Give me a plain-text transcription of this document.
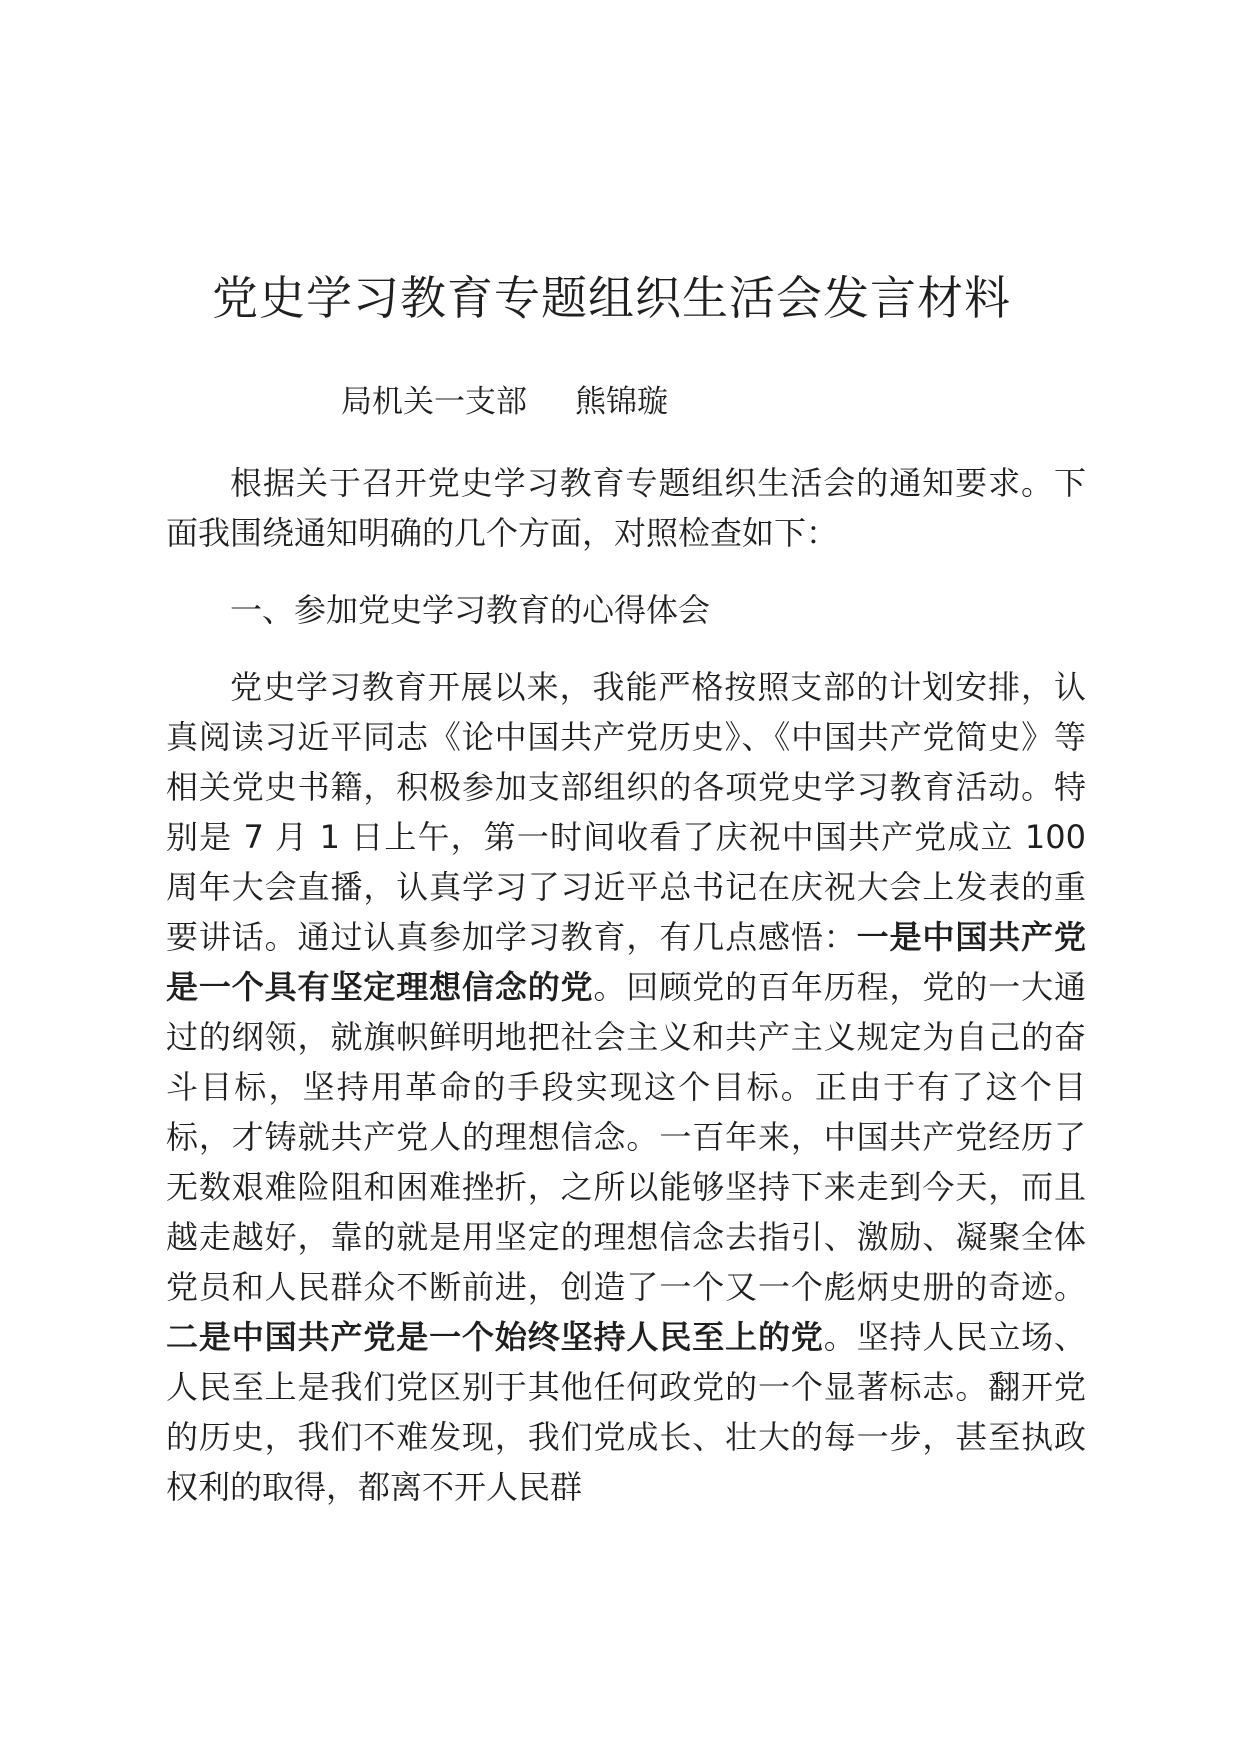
党史学习教育专题组织生活会发言材料
局机关一支部 熊锦璇

根据关于召开党史学习教育专题组织生活会的通知要求。下面我围绕通知明确的几个方面，对照检查如下：

一、参加党史学习教育的心得体会

党史学习教育开展以来，我能严格按照支部的计划安排，认真阅读习近平同志《论中国共产党历史》、《中国共产党简史》等相关党史书籍，积极参加支部组织的各项党史学习教育活动。特别是 7 月 1 日上午，第一时间收看了庆祝中国共产党成立 100 周年大会直播，认真学习了习近平总书记在庆祝大会上发表的重要讲话。通过认真参加学习教育，有几点感悟：一是中国共产党是一个具有坚定理想信念的党。回顾党的百年历程，党的一大通过的纲领，就旗帜鲜明地把社会主义和共产主义规定为自己的奋斗目标，坚持用革命的手段实现这个目标。正由于有了这个目标，才铸就共产党人的理想信念。一百年来，中国共产党经历了无数艰难险阻和困难挫折，之所以能够坚持下来走到今天，而且越走越好，靠的就是用坚定的理想信念去指引、激励、凝聚全体党员和人民群众不断前进，创造了一个又一个彪炳史册的奇迹。二是中国共产党是一个始终坚持人民至上的党。坚持人民立场、人民至上是我们党区别于其他任何政党的一个显著标志。翻开党的历史，我们不难发现，我们党成长、壮大的每一步，甚至执政权利的取得，都离不开人民群
